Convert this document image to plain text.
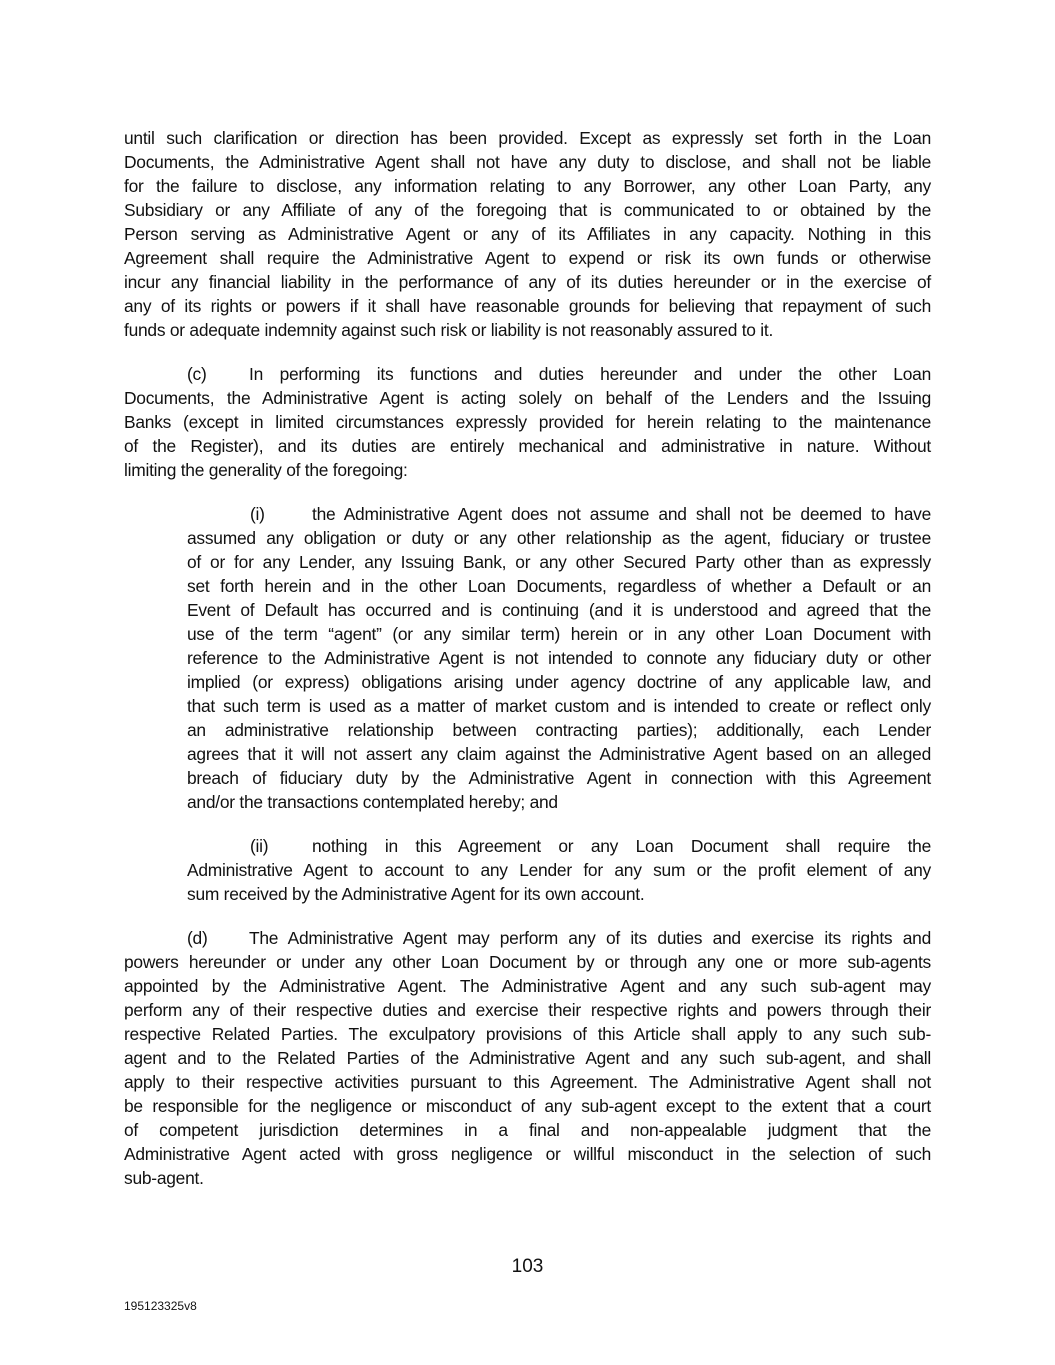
until such clarification or direction has been provided. Except as expressly set forth in the Loan
Documents, the Administrative Agent shall not have any duty to disclose, and shall not be liable
for the failure to disclose, any information relating to any Borrower, any other Loan Party, any
Subsidiary or any Affiliate of any of the foregoing that is communicated to or obtained by the
Person serving as Administrative Agent or any of its Affiliates in any capacity. Nothing in this
Agreement shall require the Administrative Agent to expend or risk its own funds or otherwise
incur any financial liability in the performance of any of its duties hereunder or in the exercise of
any of its rights or powers if it shall have reasonable grounds for believing that repayment of such
funds or adequate indemnity against such risk or liability is not reasonably assured to it.
(c) In performing its functions and duties hereunder and under the other Loan
Documents, the Administrative Agent is acting solely on behalf of the Lenders and the Issuing
Banks (except in limited circumstances expressly provided for herein relating to the maintenance
of the Register), and its duties are entirely mechanical and administrative in nature. Without
limiting the generality of the foregoing:
(i)	the Administrative Agent does not assume and shall not be deemed to have
assumed any obligation or duty or any other relationship as the agent, fiduciary or trustee
of or for any Lender, any Issuing Bank, or any other Secured Party other than as expressly
set forth herein and in the other Loan Documents, regardless of whether a Default or an
Event of Default has occurred and is continuing (and it is understood and agreed that the
use of the term “agent” (or any similar term) herein or in any other Loan Document with
reference to the Administrative Agent is not intended to connote any fiduciary duty or other
implied (or express) obligations arising under agency doctrine of any applicable law, and
that such term is used as a matter of market custom and is intended to create or reflect only
an administrative relationship between contracting parties); additionally, each Lender
agrees that it will not assert any claim against the Administrative Agent based on an alleged
breach of fiduciary duty by the Administrative Agent in connection with this Agreement
and/or the transactions contemplated hereby; and
(ii)	nothing in this Agreement or any Loan Document shall require the
Administrative Agent to account to any Lender for any sum or the profit element of any
sum received by the Administrative Agent for its own account.
(d) The Administrative Agent may perform any of its duties and exercise its rights and
powers hereunder or under any other Loan Document by or through any one or more sub-agents
appointed by the Administrative Agent. The Administrative Agent and any such sub-agent may
perform any of their respective duties and exercise their respective rights and powers through their
respective Related Parties. The exculpatory provisions of this Article shall apply to any such sub-
agent and to the Related Parties of the Administrative Agent and any such sub-agent, and shall
apply to their respective activities pursuant to this Agreement. The Administrative Agent shall not
be responsible for the negligence or misconduct of any sub-agent except to the extent that a court
of competent jurisdiction determines in a final and non-appealable judgment that the
Administrative Agent acted with gross negligence or willful misconduct in the selection of such
sub-agent.
103
195123325v8
